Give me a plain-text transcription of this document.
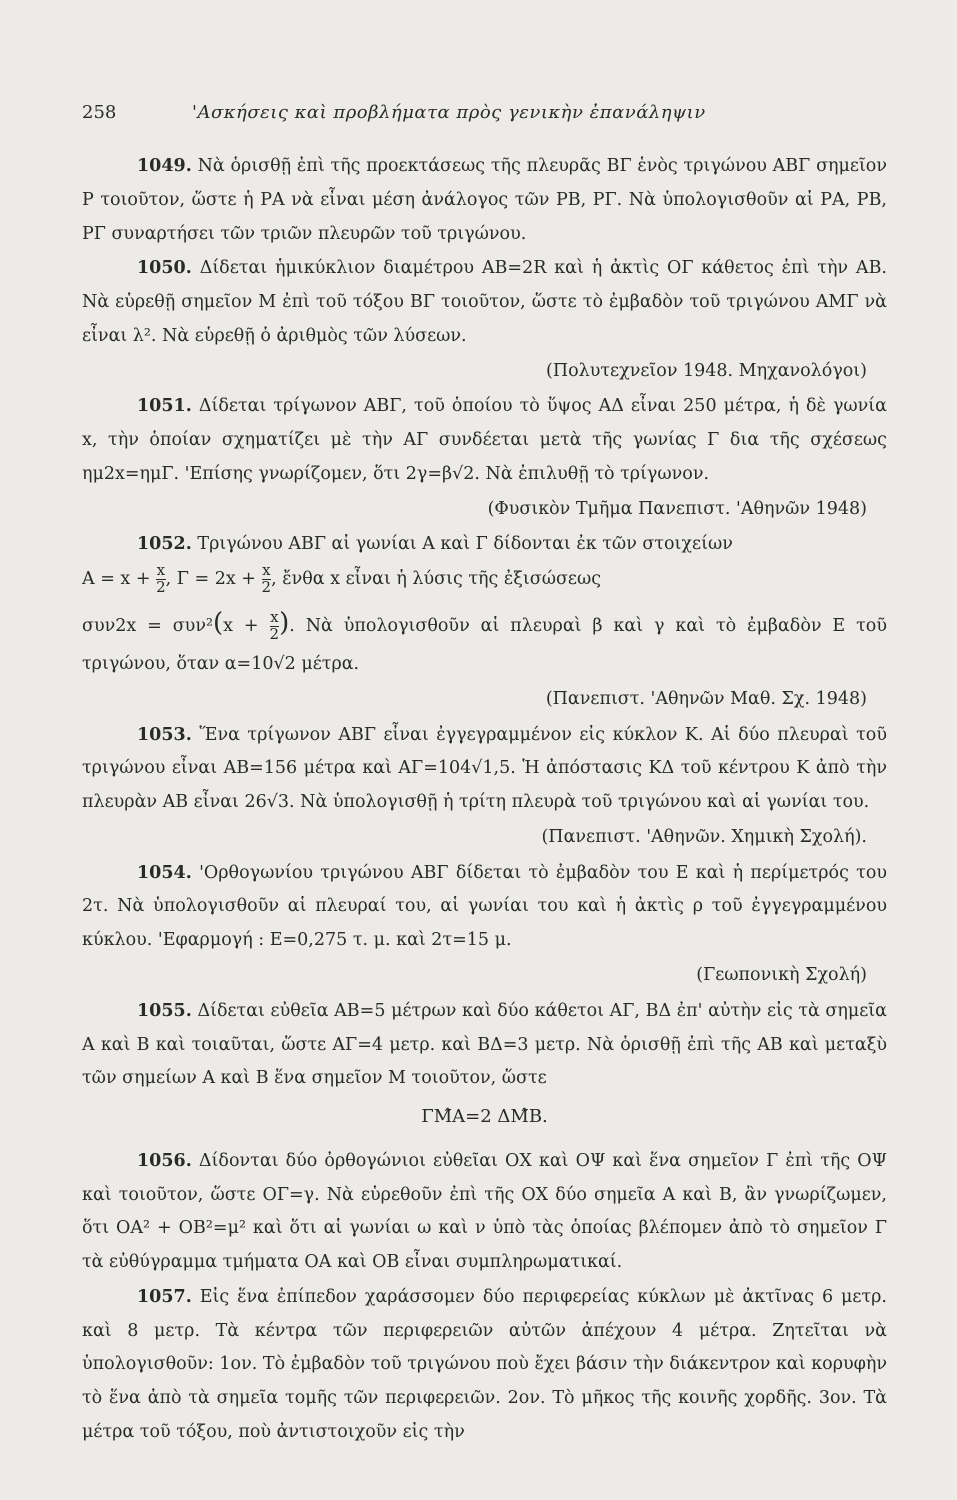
258	'Ασκήσεις καὶ προβλήματα πρὸς γενικὴν ἐπανάληψιν

1049. Νὰ ὁρισθῇ ἐπὶ τῆς προεκτάσεως τῆς πλευρᾶς ΒΓ ἑνὸς τριγώνου ΑΒΓ σημεῖον Ρ τοιοῦτον, ὥστε ἡ ΡΑ νὰ εἶναι μέση ἀνάλογος τῶν ΡΒ, ΡΓ. Νὰ ὑπολογισθοῦν αἱ ΡΑ, ΡΒ, ΡΓ συναρτήσει τῶν τριῶν πλευρῶν τοῦ τριγώνου.

1050. Δίδεται ἡμικύκλιον διαμέτρου ΑΒ=2R καὶ ἡ ἀκτὶς ΟΓ κάθετος ἐπὶ τὴν ΑΒ. Νὰ εὑρεθῇ σημεῖον Μ ἐπὶ τοῦ τόξου ΒΓ τοιοῦτον, ὥστε τὸ ἐμβαδὸν τοῦ τριγώνου ΑΜΓ νὰ εἶναι λ². Νὰ εὑρεθῇ ὁ ἀριθμὸς τῶν λύσεων.

(Πολυτεχνεῖον 1948. Μηχανολόγοι)

1051. Δίδεται τρίγωνον ΑΒΓ, τοῦ ὁποίου τὸ ὕψος ΑΔ εἶναι 250 μέτρα, ἡ δὲ γωνία x, τὴν ὁποίαν σχηματίζει μὲ τὴν ΑΓ συνδέεται μετὰ τῆς γωνίας Γ δια τῆς σχέσεως ημ2x=ημΓ. 'Επίσης γνωρίζομεν, ὅτι 2γ=β√2. Νὰ ἐπιλυθῇ τὸ τρίγωνον.

(Φυσικὸν Τμῆμα Πανεπιστ. 'Αθηνῶν 1948)

1052. Τριγώνου ΑΒΓ αἱ γωνίαι Α καὶ Γ δίδονται ἐκ τῶν στοιχείων

$A = x + \frac{x}{2}$ , $\Gamma = 2x + \frac{x}{2}$ , ἔνθα x εἶναι ἡ λύσις τῆς ἐξισώσεως

$\sigma\upsilon\nu 2x = \sigma\upsilon\nu^2(x + \frac{x}{2}$ ). Νὰ ὑπολογισθοῦν αἱ πλευραὶ β καὶ γ καὶ τὸ ἐμβαδὸν Ε τοῦ τριγώνου, ὅταν α=10√2 μέτρα.

(Πανεπιστ. 'Αθηνῶν Μαθ. Σχ. 1948)

1053. Ἕνα τρίγωνον ΑΒΓ εἶναι ἐγγεγραμμένον εἰς κύκλον Κ. Αἱ δύο πλευραὶ τοῦ τριγώνου εἶναι ΑΒ=156 μέτρα καὶ ΑΓ=104√1,5. Ἡ ἀπόστασις ΚΔ τοῦ κέντρου Κ ἀπὸ τὴν πλευρὰν ΑΒ εἶναι 26√3. Νὰ ὑπολογισθῇ ἡ τρίτη πλευρὰ τοῦ τριγώνου καὶ αἱ γωνίαι του.

(Πανεπιστ. 'Αθηνῶν. Χημικὴ Σχολή).

1054. 'Ορθογωνίου τριγώνου ΑΒΓ δίδεται τὸ ἐμβαδὸν του Ε καὶ ἡ περίμετρός του 2τ. Νὰ ὑπολογισθοῦν αἱ πλευραί του, αἱ γωνίαι του καὶ ἡ ἀκτὶς ρ τοῦ ἐγγεγραμμένου κύκλου. 'Εφαρμογή : Ε=0,275 τ. μ. καὶ 2τ=15 μ.

(Γεωπονικὴ Σχολή)

1055. Δίδεται εὐθεῖα ΑΒ=5 μέτρων καὶ δύο κάθετοι ΑΓ, ΒΔ ἐπ' αὐτὴν εἰς τὰ σημεῖα Α καὶ Β καὶ τοιαῦται, ὥστε ΑΓ=4 μετρ. καὶ ΒΔ=3 μετρ. Νὰ ὁρισθῇ ἐπὶ τῆς ΑΒ καὶ μεταξὺ τῶν σημείων Α καὶ Β ἕνα σημεῖον Μ τοιοῦτον, ὥστε

ΓΜ̂Α=2 ΔΜ̂Β.

1056. Δίδονται δύο ὀρθογώνιοι εὐθεῖαι ΟΧ καὶ ΟΨ καὶ ἕνα σημεῖον Γ ἐπὶ τῆς ΟΨ καὶ τοιοῦτον, ὥστε ΟΓ=γ. Νὰ εὑρεθοῦν ἐπὶ τῆς ΟΧ δύο σημεῖα Α καὶ Β, ἂν γνωρίζωμεν, ὅτι ΟΑ² + ΟΒ²=μ² καὶ ὅτι αἱ γωνίαι ω καὶ ν ὑπὸ τὰς ὁποίας βλέπομεν ἀπὸ τὸ σημεῖον Γ τὰ εὐθύγραμμα τμήματα ΟΑ καὶ ΟΒ εἶναι συμπληρωματικαί.

1057. Εἰς ἕνα ἐπίπεδον χαράσσομεν δύο περιφερείας κύκλων μὲ ἀκτῖνας 6 μετρ. καὶ 8 μετρ. Τὰ κέντρα τῶν περιφερειῶν αὐτῶν ἀπέχουν 4 μέτρα. Ζητεῖται νὰ ὑπολογισθοῦν: 1ον. Τὸ ἐμβαδὸν τοῦ τριγώνου ποὺ ἔχει βάσιν τὴν διάκεντρον καὶ κορυφὴν τὸ ἕνα ἀπὸ τὰ σημεῖα τομῆς τῶν περιφερειῶν. 2ον. Τὸ μῆκος τῆς κοινῆς χορδῆς. 3ον. Τὰ μέτρα τοῦ τόξου, ποὺ ἀντιστοιχοῦν εἰς τὴν
